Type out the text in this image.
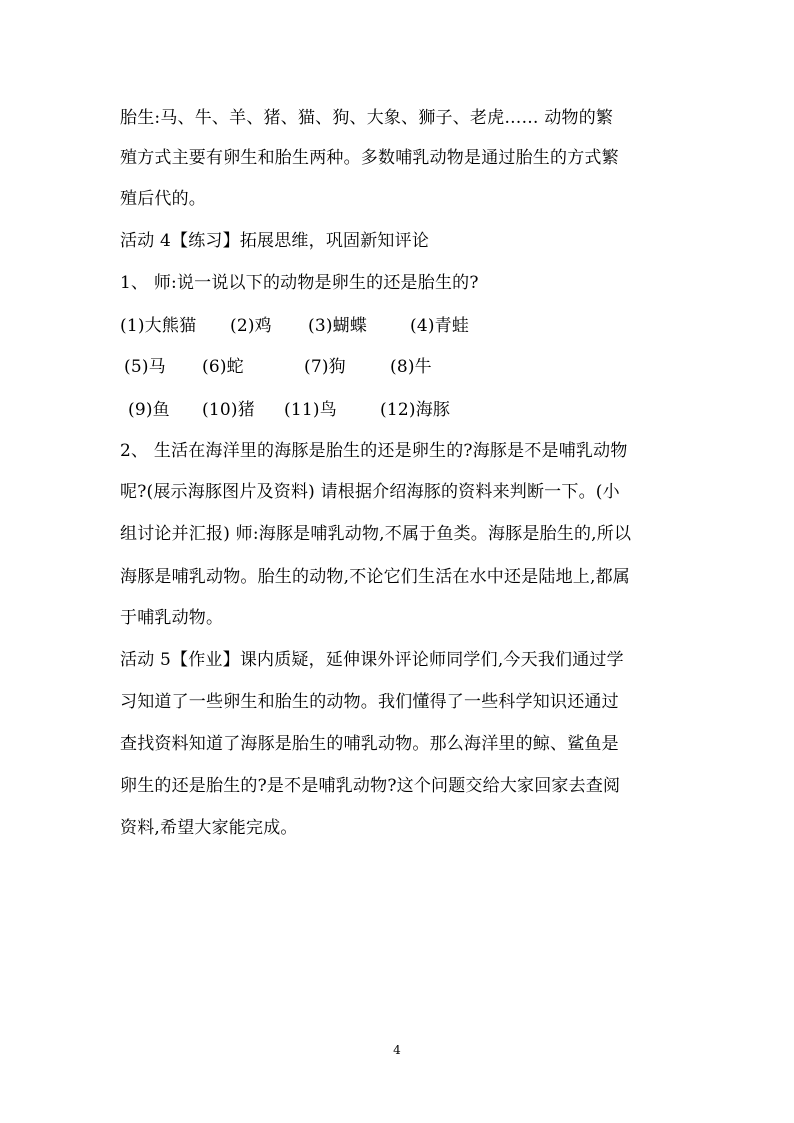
胎生:马、牛、羊、猪、猫、狗、大象、狮子、老虎…… 动物的繁
殖方式主要有卵生和胎生两种。多数哺乳动物是通过胎生的方式繁
殖后代的。
活动 4【练习】拓展思维，巩固新知评论
1、 师:说一说以下的动物是卵生的还是胎生的?
(1)大熊猫 (2)鸡 (3)蝴蝶	(4)青蛙
(5)马 (6)蛇	(7)狗	(8)牛
(9)鱼 (10)猪 (11)鸟	(12)海豚
2、 生活在海洋里的海豚是胎生的还是卵生的?海豚是不是哺乳动物
呢?(展示海豚图片及资料) 请根据介绍海豚的资料来判断一下。(小
组讨论并汇报) 师:海豚是哺乳动物,不属于鱼类。海豚是胎生的,所以
海豚是哺乳动物。胎生的动物,不论它们生活在水中还是陆地上,都属
于哺乳动物。
活动 5【作业】课内质疑，延伸课外评论师同学们,今天我们通过学
习知道了一些卵生和胎生的动物。我们懂得了一些科学知识还通过
查找资料知道了海豚是胎生的哺乳动物。那么海洋里的鲸、鲨鱼是
卵生的还是胎生的?是不是哺乳动物?这个问题交给大家回家去查阅
资料,希望大家能完成。
4
